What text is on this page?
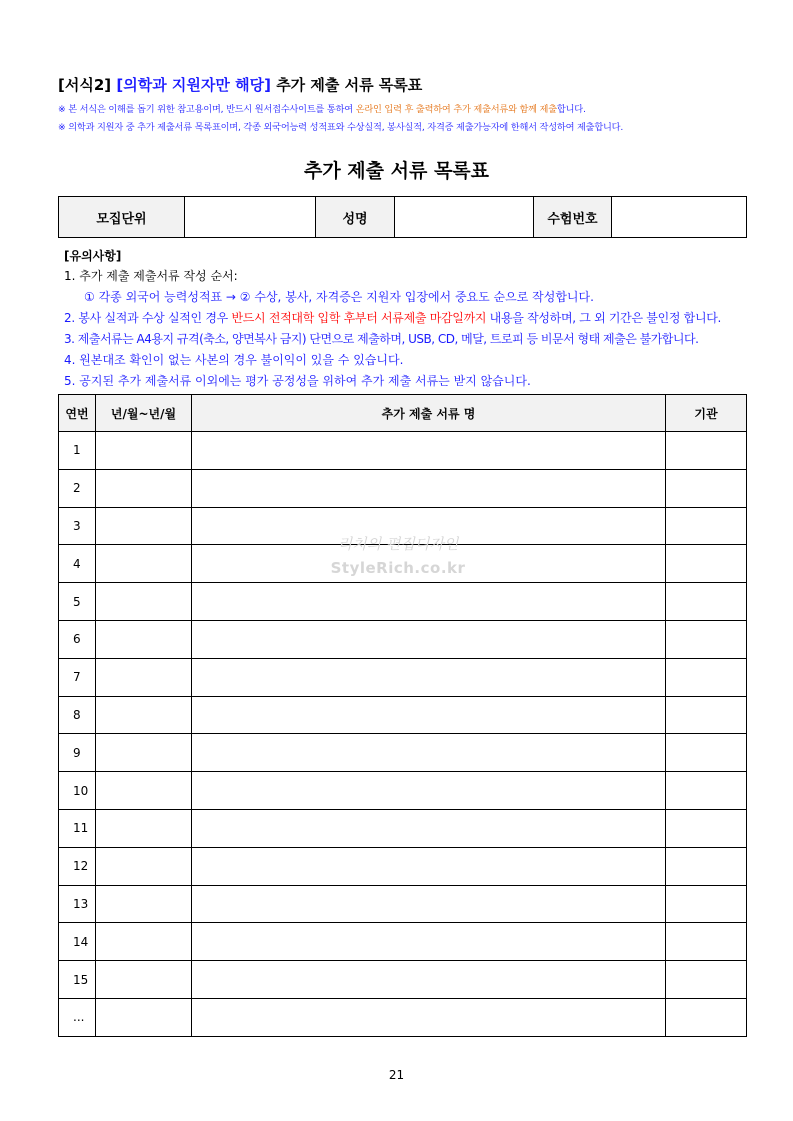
[서식2] [의학과 지원자만 해당] 추가 제출 서류 목록표
※ 본 서식은 이해를 돕기 위한 참고용이며, 반드시 원서접수사이트를 통하여 온라인 입력 후 출력하여 추가 제출서류와 함께 제출합니다.
※ 의학과 지원자 중 추가 제출서류 목록표이며, 각종 외국어능력 성적표와 수상실적, 봉사실적, 자격증 제출가능자에 한해서 작성하여 제출합니다.
추가 제출 서류 목록표
모집단위		성명		수험번호	
[유의사항]
1. 추가 제출 제출서류 작성 순서:
① 각종 외국어 능력성적표 → ② 수상, 봉사, 자격증은 지원자 입장에서 중요도 순으로 작성합니다.
2. 봉사 실적과 수상 실적인 경우 반드시 전적대학 입학 후부터 서류제출 마감일까지 내용을 작성하며, 그 외 기간은 불인정 합니다.
3. 제출서류는 A4용지 규격(축소, 양면복사 금지) 단면으로 제출하며, USB, CD, 메달, 트로피 등 비문서 형태 제출은 불가합니다.
4. 원본대조 확인이 없는 사본의 경우 불이익이 있을 수 있습니다.
5. 공지된 추가 제출서류 이외에는 평가 공정성을 위하여 추가 제출 서류는 받지 않습니다.
연번	년/월~년/월	추가 제출 서류 명	기관
1			
2			
3			
4			
5			
6			
7			
8			
9			
10			
11			
12			
13			
14			
15			
...			
리치의 편집디자인
StyleRich.co.kr
21
